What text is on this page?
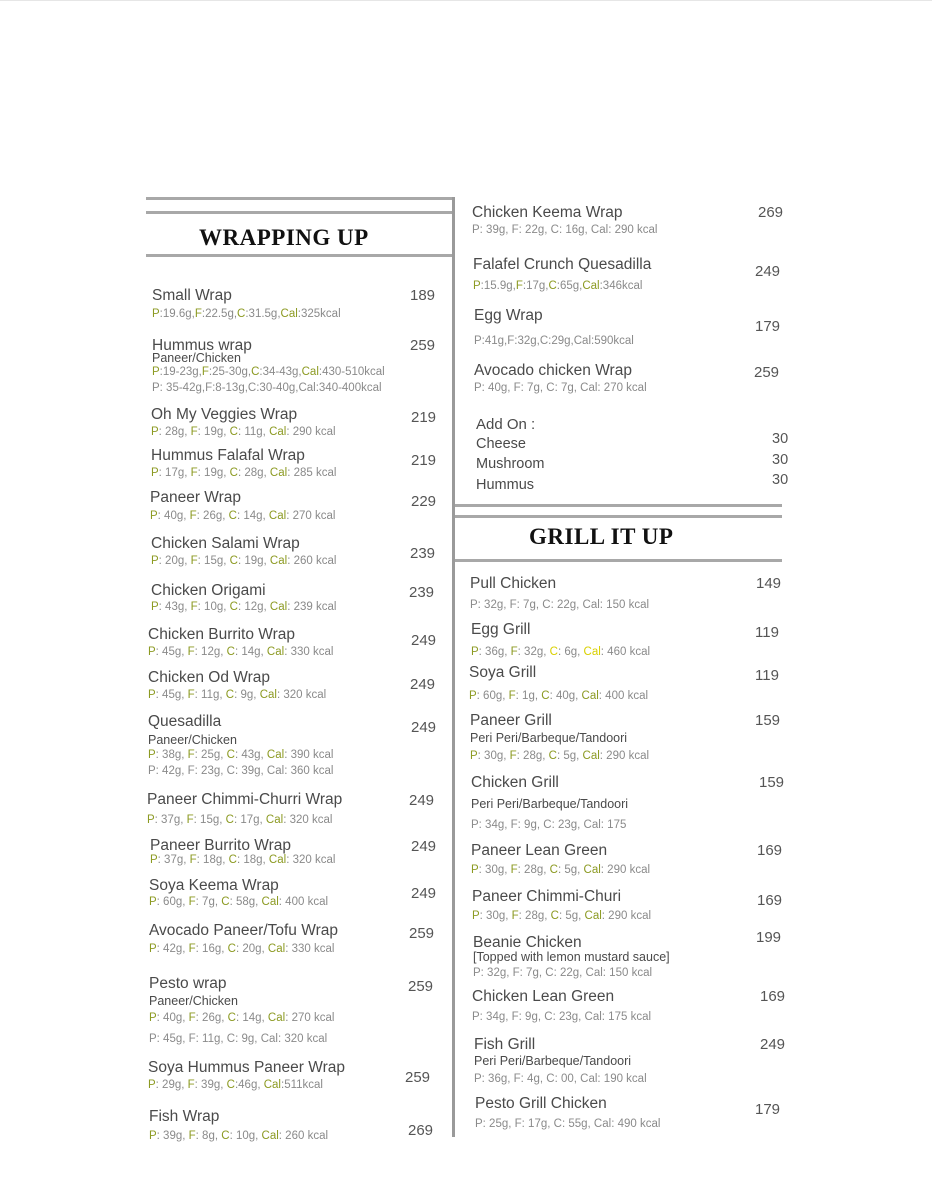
WRAPPING UP
GRILL IT UP
Small Wrap	189
P:19.6g,F:22.5g,C:31.5g,Cal:325kcal
Hummus wrap	259
Paneer/Chicken
P:19-23g,F:25-30g,C:34-43g,Cal:430-510kcal
P: 35-42g,F:8-13g,C:30-40g,Cal:340-400kcal
Oh My Veggies Wrap	219
P: 28g, F: 19g, C: 11g, Cal: 290 kcal
Hummus Falafal Wrap	219
P: 17g, F: 19g, C: 28g, Cal: 285 kcal
Paneer Wrap	229
P: 40g, F: 26g, C: 14g, Cal: 270 kcal
Chicken Salami Wrap
239
P: 20g, F: 15g, C: 19g, Cal: 260 kcal
Chicken Origami	239
P: 43g, F: 10g, C: 12g, Cal: 239 kcal
Chicken Burrito Wrap	249
P: 45g, F: 12g, C: 14g, Cal: 330 kcal
Chicken Od Wrap	249
P: 45g, F: 11g, C: 9g, Cal: 320 kcal
Quesadilla	249
Paneer/Chicken
P: 38g, F: 25g, C: 43g, Cal: 390 kcal
P: 42g, F: 23g, C: 39g, Cal: 360 kcal
Paneer Chimmi-Churri Wrap	249
P: 37g, F: 15g, C: 17g, Cal: 320 kcal
Paneer Burrito Wrap	249
P: 37g, F: 18g, C: 18g, Cal: 320 kcal
Soya Keema Wrap	249
P: 60g, F: 7g, C: 58g, Cal: 400 kcal
Avocado Paneer/Tofu Wrap	259
P: 42g, F: 16g, C: 20g, Cal: 330 kcal
Pesto wrap	259
Paneer/Chicken
P: 40g, F: 26g, C: 14g, Cal: 270 kcal
P: 45g, F: 11g, C: 9g, Cal: 320 kcal
Soya Hummus Paneer Wrap
259
P: 29g, F: 39g, C:46g, Cal:511kcal
Fish Wrap
269
P: 39g, F: 8g, C: 10g, Cal: 260 kcal
Chicken Keema Wrap	269
P: 39g, F: 22g, C: 16g, Cal: 290 kcal
Falafel Crunch Quesadilla	249
P:15.9g,F:17g,C:65g,Cal:346kcal
Egg Wrap
179
P:41g,F:32g,C:29g,Cal:590kcal
Avocado chicken Wrap	259
P: 40g, F: 7g, C: 7g, Cal: 270 kcal
Add On :
Cheese	30
Mushroom	30
Hummus	30
Pull Chicken	149
P: 32g, F: 7g, C: 22g, Cal: 150 kcal
Egg Grill	119
P: 36g, F: 32g, C: 6g, Cal: 460 kcal
Soya Grill	119
P: 60g, F: 1g, C: 40g, Cal: 400 kcal
Paneer Grill	159
Peri Peri/Barbeque/Tandoori
P: 30g, F: 28g, C: 5g, Cal: 290 kcal
Chicken Grill	159
Peri Peri/Barbeque/Tandoori
P: 34g, F: 9g, C: 23g, Cal: 175
Paneer Lean Green	169
P: 30g, F: 28g, C: 5g, Cal: 290 kcal
Paneer Chimmi-Churi	169
P: 30g, F: 28g, C: 5g, Cal: 290 kcal
Beanie Chicken	199
[Topped with lemon mustard sauce]
P: 32g, F: 7g, C: 22g, Cal: 150 kcal
Chicken Lean Green	169
P: 34g, F: 9g, C: 23g, Cal: 175 kcal
Fish Grill	249
Peri Peri/Barbeque/Tandoori
P: 36g, F: 4g, C: 00, Cal: 190 kcal
Pesto Grill Chicken	179
P: 25g, F: 17g, C: 55g, Cal: 490 kcal
